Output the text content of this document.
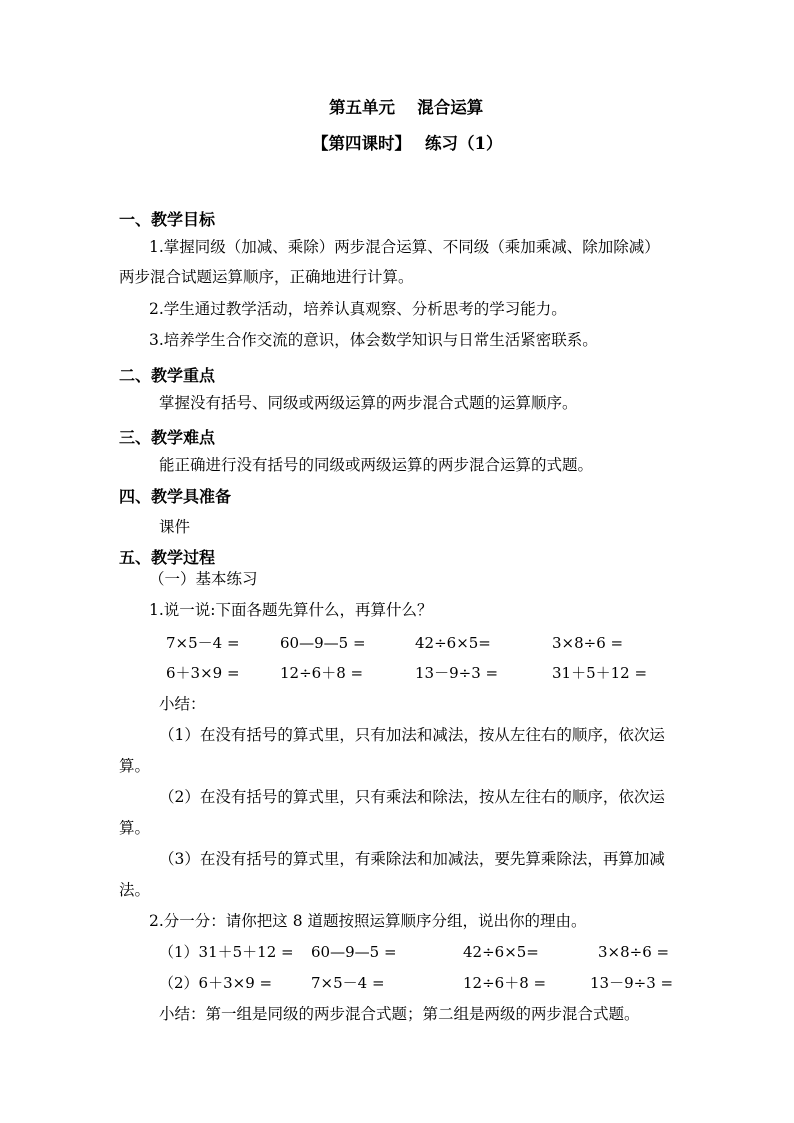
第五单元　 混合运算
【第四课时】　 练习（1）
一、教学目标
1.掌握同级（加减、乘除）两步混合运算、不同级（乘加乘减、除加除减）
两步混合试题运算顺序，正确地进行计算。
2.学生通过教学活动，培养认真观察、分析思考的学习能力。
3.培养学生合作交流的意识，体会数学知识与日常生活紧密联系。
二、教学重点
掌握没有括号、同级或两级运算的两步混合式题的运算顺序。
三、教学难点
能正确进行没有括号的同级或两级运算的两步混合运算的式题。
四、教学具准备
课件
五、教学过程
（一）基本练习
1.说一说:下面各题先算什么，再算什么？
7×5－4 =	60—9—5 =	42÷6×5=	3×8÷6 =
6＋3×9 =	12÷6＋8 =	13－9÷3 =	31＋5＋12 =
小结：
（1）在没有括号的算式里，只有加法和减法，按从左往右的顺序，依次运
算。
（2）在没有括号的算式里，只有乘法和除法，按从左往右的顺序，依次运
算。
（3）在没有括号的算式里，有乘除法和加减法，要先算乘除法，再算加减
法。
2.分一分：请你把这 8 道题按照运算顺序分组，说出你的理由。
（1）31＋5＋12 = 60—9—5 =	42÷6×5=	3×8÷6 =
（2）6＋3×9 =	7×5－4 =	12÷6＋8 =	13－9÷3 =
小结：第一组是同级的两步混合式题；第二组是两级的两步混合式题。
